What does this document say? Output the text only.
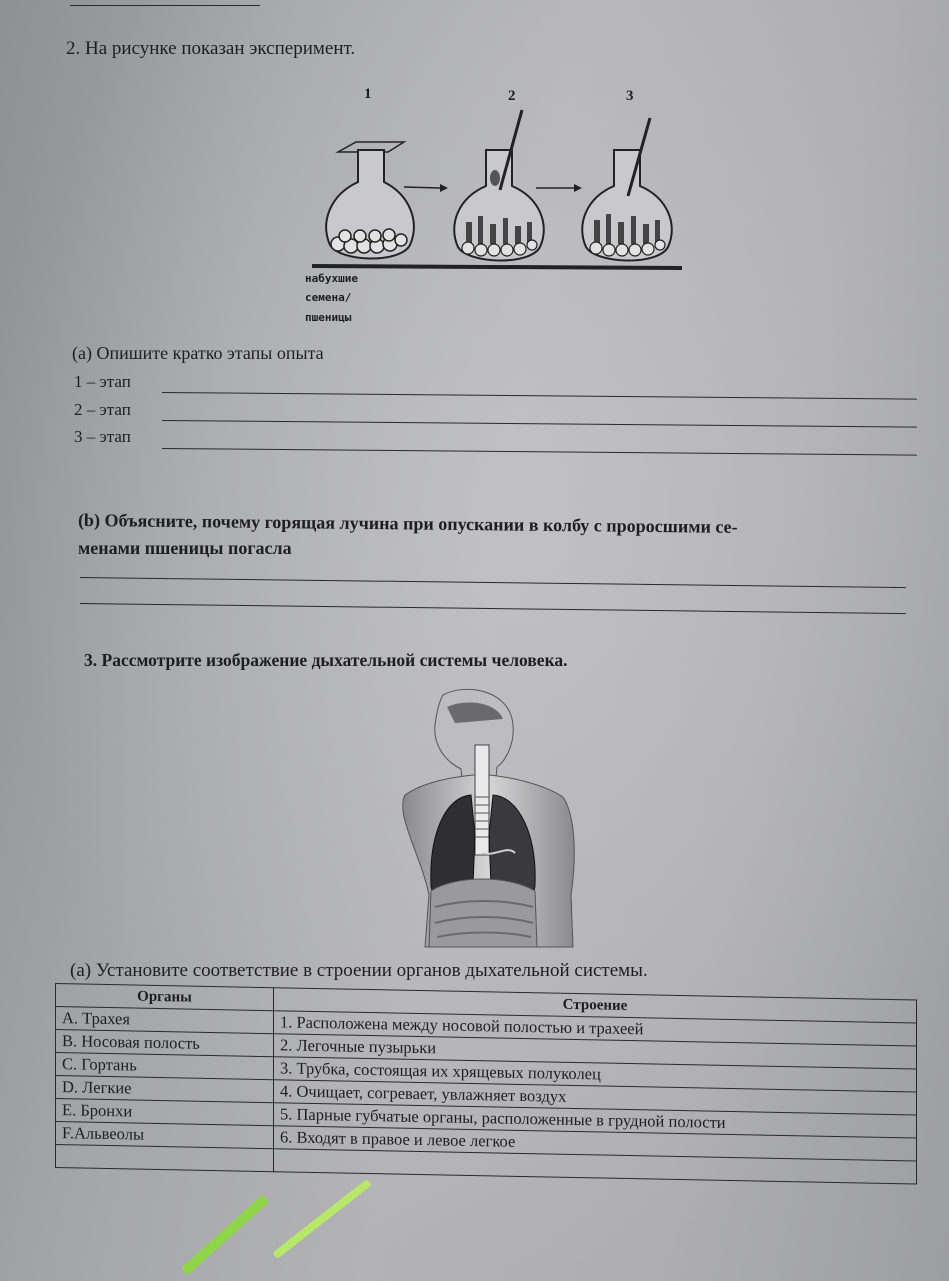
2. На рисунке показан эксперимент.
1	2	3
набухшие
семена/
пшеницы
(a) Опишите кратко этапы опыта
1 – этап
2 – этап
3 – этап
(b) Объясните, почему горящая лучина при опускании в колбу с проросшими се-
менами пшеницы погасла
3. Рассмотрите изображение дыхательной системы человека.
(a) Установите соответствие в строении органов дыхательной системы.
Органы	Строение
A. Трахея	1. Расположена между носовой полостью и трахеей
B. Носовая полость	2. Легочные пузырьки
C. Гортань	3. Трубка, состоящая их хрящевых полуколец
D. Легкие	4. Очищает, согревает, увлажняет воздух
E. Бронхи	5. Парные губчатые органы, расположенные в грудной полости
F.Альвеолы	6. Входят в правое и левое легкое
